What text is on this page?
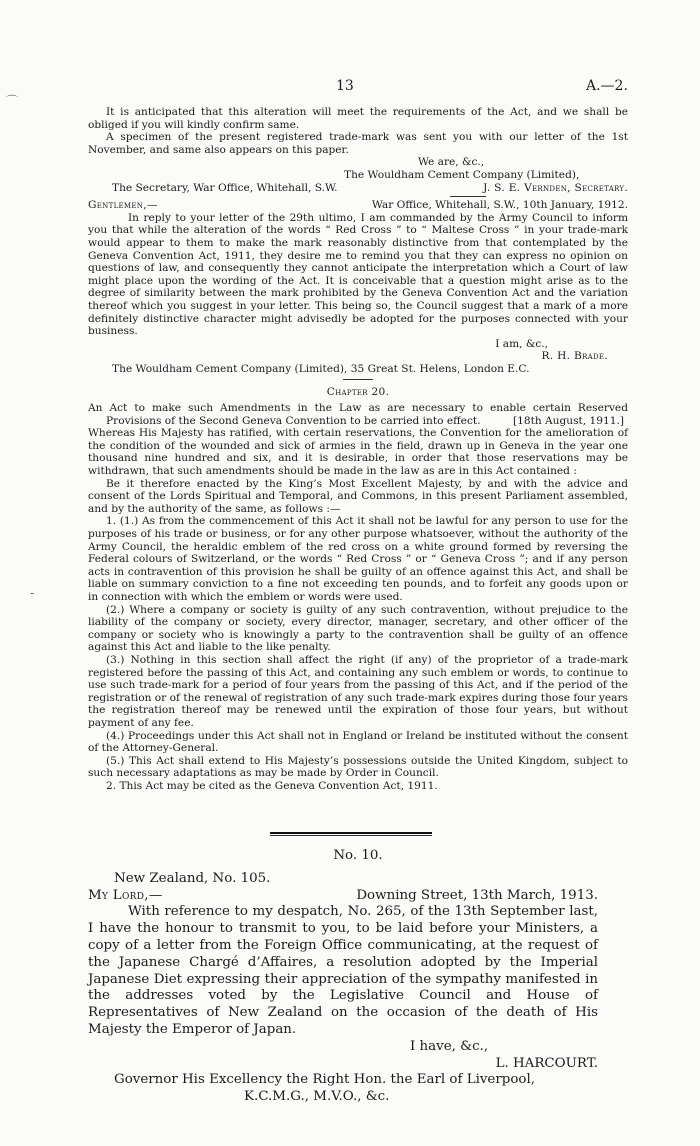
13	A.—2.
⌒
-

It is anticipated that this alteration will meet the requirements of the Act, and we shall be obliged if you will kindly confirm same.

A specimen of the present registered trade-mark was sent you with our letter of the 1st November, and same also appears on this paper.

We are, &c.,
The Wouldham Cement Company (Limited),
The Secretary, War Office, Whitehall, S.W.	J. S. E. Vernden, Secretary.
Gentlemen,—	War Office, Whitehall, S.W., 10th January, 1912.

In reply to your letter of the 29th ultimo, I am commanded by the Army Council to inform you that while the alteration of the words “ Red Cross ” to “ Maltese Cross ” in your trade-mark would appear to them to make the mark reasonably distinctive from that contemplated by the Geneva Convention Act, 1911, they desire me to remind you that they can express no opinion on questions of law, and consequently they cannot anticipate the interpretation which a Court of law might place upon the wording of the Act. It is conceivable that a question might arise as to the degree of similarity between the mark prohibited by the Geneva Convention Act and the variation thereof which you suggest in your letter. This being so, the Council suggest that a mark of a more definitely distinctive character might advisedly be adopted for the purposes connected with your business.

I am, &c.,
R. H. Brade.
The Wouldham Cement Company (Limited), 35 Great St. Helens, London E.C.
Chapter 20.

An Act to make such Amendments in the Law as are necessary to enable certain Reserved Provisions of the Second Geneva Convention to be carried into effect.	[18th August, 1911.]

Whereas His Majesty has ratified, with certain reservations, the Convention for the amelioration of the condition of the wounded and sick of armies in the field, drawn up in Geneva in the year one thousand nine hundred and six, and it is desirable, in order that those reservations may be withdrawn, that such amendments should be made in the law as are in this Act contained :

Be it therefore enacted by the King’s Most Excellent Majesty, by and with the advice and consent of the Lords Spiritual and Temporal, and Commons, in this present Parliament assembled, and by the authority of the same, as follows :—

1. (1.) As from the commencement of this Act it shall not be lawful for any person to use for the purposes of his trade or business, or for any other purpose whatsoever, without the authority of the Army Council, the heraldic emblem of the red cross on a white ground formed by reversing the Federal colours of Switzerland, or the words “ Red Cross ” or “ Geneva Cross ”; and if any person acts in contravention of this provision he shall be guilty of an offence against this Act, and shall be liable on summary conviction to a fine not exceeding ten pounds, and to forfeit any goods upon or in connection with which the emblem or words were used.

(2.) Where a company or society is guilty of any such contravention, without prejudice to the liability of the company or society, every director, manager, secretary, and other officer of the company or society who is knowingly a party to the contravention shall be guilty of an offence against this Act and liable to the like penalty.

(3.) Nothing in this section shall affect the right (if any) of the proprietor of a trade-mark registered before the passing of this Act, and containing any such emblem or words, to continue to use such trade-mark for a period of four years from the passing of this Act, and if the period of the registration or of the renewal of registration of any such trade-mark expires during those four years the registration thereof may be renewed until the expiration of those four years, but without payment of any fee.

(4.) Proceedings under this Act shall not in England or Ireland be instituted without the consent of the Attorney-General.

(5.) This Act shall extend to His Majesty’s possessions outside the United Kingdom, subject to such necessary adaptations as may be made by Order in Council.

2. This Act may be cited as the Geneva Convention Act, 1911.

No. 10.
New Zealand, No. 105.
My Lord,—	Downing Street, 13th March, 1913.

With reference to my despatch, No. 265, of the 13th September last, I have the honour to transmit to you, to be laid before your Ministers, a copy of a letter from the Foreign Office communicating, at the request of the Japanese Chargé d’Affaires, a resolution adopted by the Imperial Japanese Diet expressing their appreciation of the sympathy manifested in the addresses voted by the Legislative Council and House of Representatives of New Zealand on the occasion of the death of His Majesty the Emperor of Japan.

I have, &c.,
L. HARCOURT.
Governor His Excellency the Right Hon. the Earl of Liverpool,
K.C.M.G., M.V.O., &c.
